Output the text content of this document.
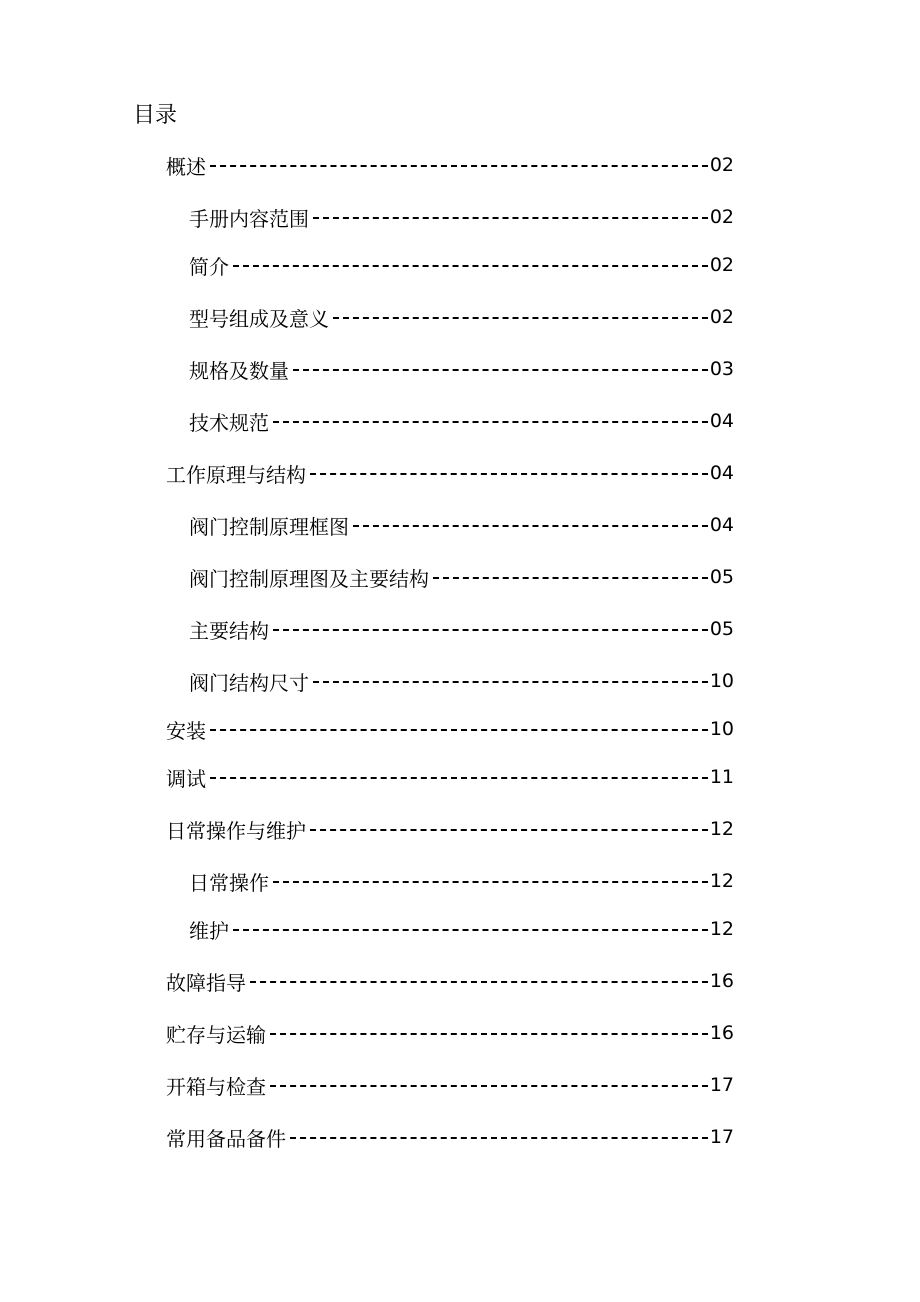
目录
概述	02
手册内容范围	02
简介	02
型号组成及意义	02
规格及数量	03
技术规范	04
工作原理与结构	04
阀门控制原理框图	04
阀门控制原理图及主要结构	05
主要结构	05
阀门结构尺寸	10
安装	10
调试	11
日常操作与维护	12
日常操作	12
维护	12
故障指导	16
贮存与运输	16
开箱与检查	17
常用备品备件	17
